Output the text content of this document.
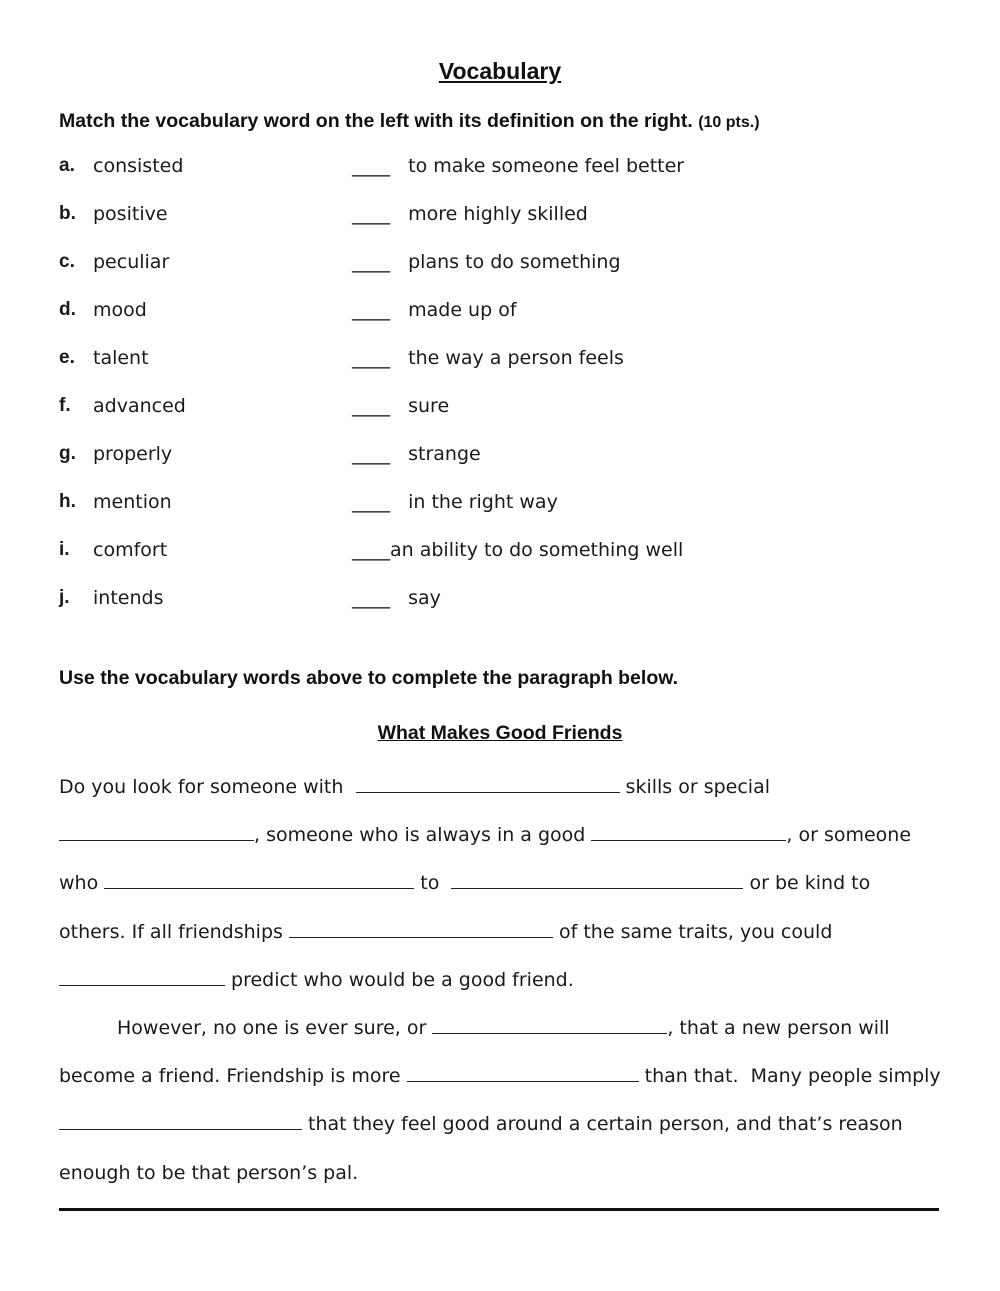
Vocabulary
Match the vocabulary word on the left with its definition on the right. (10 pts.)
a. consisted	____   to make someone feel better
b. positive	____   more highly skilled
c. peculiar	____   plans to do something
d. mood	____   made up of
e. talent	____   the way a person feels
f. advanced	____   sure
g. properly	____   strange
h. mention	____   in the right way
i. comfort	____an ability to do something well
j. intends	____   say
Use the vocabulary words above to complete the paragraph below.
What Makes Good Friends
Do you look for someone with	skills or special
, someone who is always in a good	, or someone
who	to	or be kind to
others. If all friendships	of the same traits, you could
predict who would be a good friend.
However, no one is ever sure, or	, that a new person will
become a friend. Friendship is more	than that.  Many people simply
that they feel good around a certain person, and that’s reason
enough to be that person’s pal.
